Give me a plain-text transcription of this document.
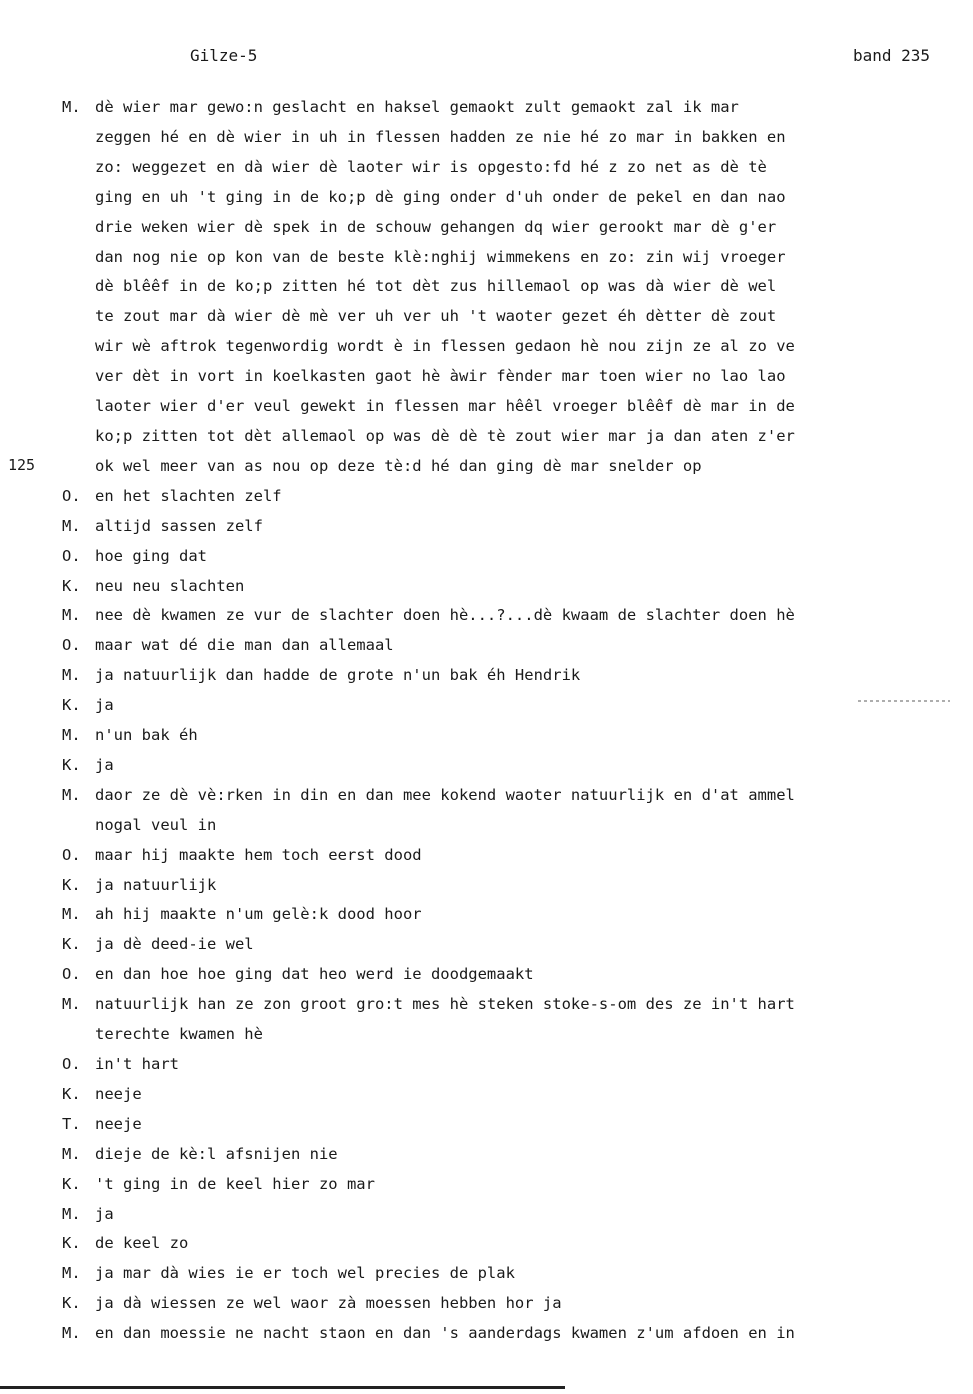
Gilze-5	band 235
125
M. dè wier mar gewo:n geslacht en haksel gemaokt zult gemaokt zal ik mar
zeggen hé en dè wier in uh in flessen hadden ze nie hé zo mar in bakken en
zo: weggezet en dà wier dè laoter wir is opgesto:fd hé z zo net as dè tè
ging en uh 't ging in de ko;p dè ging onder d'uh onder de pekel en dan nao
drie weken wier dè spek in de schouw gehangen dq wier gerookt mar dè g'er
dan nog nie op kon van de beste klè:nghij wimmekens en zo: zin wij vroeger
dè blêêf in de ko;p zitten hé tot dèt zus hillemaol op was dà wier dè wel
te zout mar dà wier dè mè ver uh ver uh 't waoter gezet éh dètter dè zout
wir wè aftrok tegenwordig wordt è in flessen gedaon hè nou zijn ze al zo ve
ver dèt in vort in koelkasten gaot hè àwir fènder mar toen wier no lao lao
laoter wier d'er veul gewekt in flessen mar hêêl vroeger blêêf dè mar in de
ko;p zitten tot dèt allemaol op was dè dè tè zout wier mar ja dan aten z'er
ok wel meer van as nou op deze tè:d hé dan ging dè mar snelder op
O. en het slachten zelf
M. altijd sassen zelf
O. hoe ging dat
K. neu neu slachten
M. nee dè kwamen ze vur de slachter doen hè...?...dè kwaam de slachter doen hè
O. maar wat dé die man dan allemaal
M. ja natuurlijk dan hadde de grote n'un bak éh Hendrik
K. ja
M. n'un bak éh
K. ja
M. daor ze dè vè:rken in din en dan mee kokend waoter natuurlijk en d'at ammel
nogal veul in
O. maar hij maakte hem toch eerst dood
K. ja natuurlijk
M. ah hij maakte n'um gelè:k dood hoor
K. ja dè deed-ie wel
O. en dan hoe hoe ging dat heo werd ie doodgemaakt
M. natuurlijk han ze zon groot gro:t mes hè steken stoke-s-om des ze in't hart
terechte kwamen hè
O. in't hart
K. neeje
T. neeje
M. dieje de kè:l afsnijen nie
K. 't ging in de keel hier zo mar
M. ja
K. de keel zo
M. ja mar dà wies ie er toch wel precies de plak
K. ja dà wiessen ze wel waor zà moessen hebben hor ja
M. en dan moessie ne nacht staon en dan 's aanderdags kwamen z'um afdoen en in
